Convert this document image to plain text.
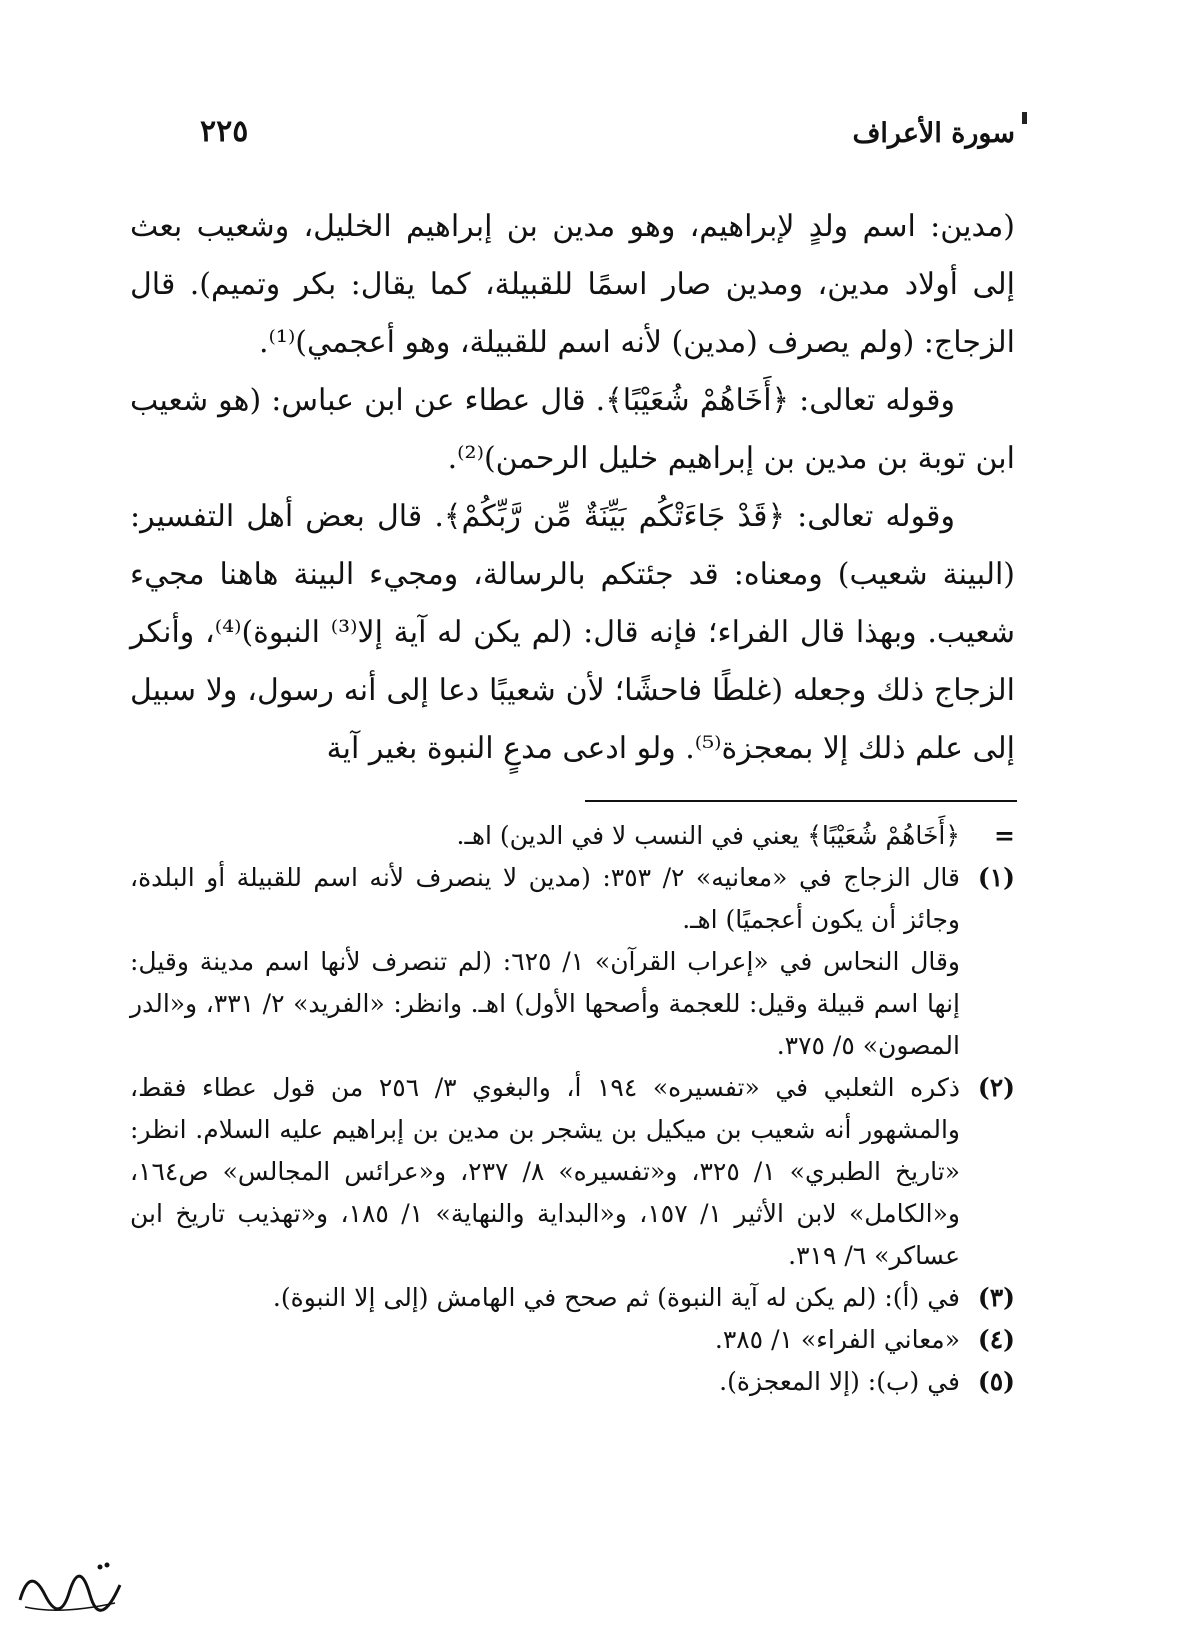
سورة الأعراف
٢٢٥

(مدين: اسم ولدٍ لإبراهيم، وهو مدين بن إبراهيم الخليل، وشعيب بعث إلى أولاد مدين، ومدين صار اسمًا للقبيلة، كما يقال: بكر وتميم). قال الزجاج: (ولم يصرف (مدين) لأنه اسم للقبيلة، وهو أعجمي)⁽¹⁾.

وقوله تعالى: ﴿أَخَاهُمْ شُعَيْبًا﴾. قال عطاء عن ابن عباس: (هو شعيب ابن توبة بن مدين بن إبراهيم خليل الرحمن)⁽²⁾.

وقوله تعالى: ﴿قَدْ جَاءَتْكُم بَيِّنَةٌ مِّن رَّبِّكُمْ﴾. قال بعض أهل التفسير: (البينة شعيب) ومعناه: قد جئتكم بالرسالة، ومجيء البينة هاهنا مجيء شعيب. وبهذا قال الفراء؛ فإنه قال: (لم يكن له آية إلا⁽³⁾ النبوة)⁽⁴⁾، وأنكر الزجاج ذلك وجعله (غلطًا فاحشًا؛ لأن شعيبًا دعا إلى أنه رسول، ولا سبيل إلى علم ذلك إلا بمعجزة⁽⁵⁾. ولو ادعى مدعٍ النبوة بغير آية

=

﴿أَخَاهُمْ شُعَيْبًا﴾ يعني في النسب لا في الدين) اهـ.

(١)

قال الزجاج في «معانيه» ٢/ ٣٥٣: (مدين لا ينصرف لأنه اسم للقبيلة أو البلدة، وجائز أن يكون أعجميًا) اهـ.

وقال النحاس في «إعراب القرآن» ١/ ٦٢٥: (لم تنصرف لأنها اسم مدينة وقيل: إنها اسم قبيلة وقيل: للعجمة وأصحها الأول) اهـ. وانظر: «الفريد» ٢/ ٣٣١، و«الدر المصون» ٥/ ٣٧٥.

(٢)

ذكره الثعلبي في «تفسيره» ١٩٤ أ، والبغوي ٣/ ٢٥٦ من قول عطاء فقط، والمشهور أنه شعيب بن ميكيل بن يشجر بن مدين بن إبراهيم عليه السلام. انظر: «تاريخ الطبري» ١/ ٣٢٥، و«تفسيره» ٨/ ٢٣٧، و«عرائس المجالس» ص١٦٤، و«الكامل» لابن الأثير ١/ ١٥٧، و«البداية والنهاية» ١/ ١٨٥، و«تهذيب تاريخ ابن عساكر» ٦/ ٣١٩.

(٣)

في (أ): (لم يكن له آية النبوة) ثم صحح في الهامش (إلى إلا النبوة).

(٤)

«معاني الفراء» ١/ ٣٨٥.

(٥)

في (ب): (إلا المعجزة).
